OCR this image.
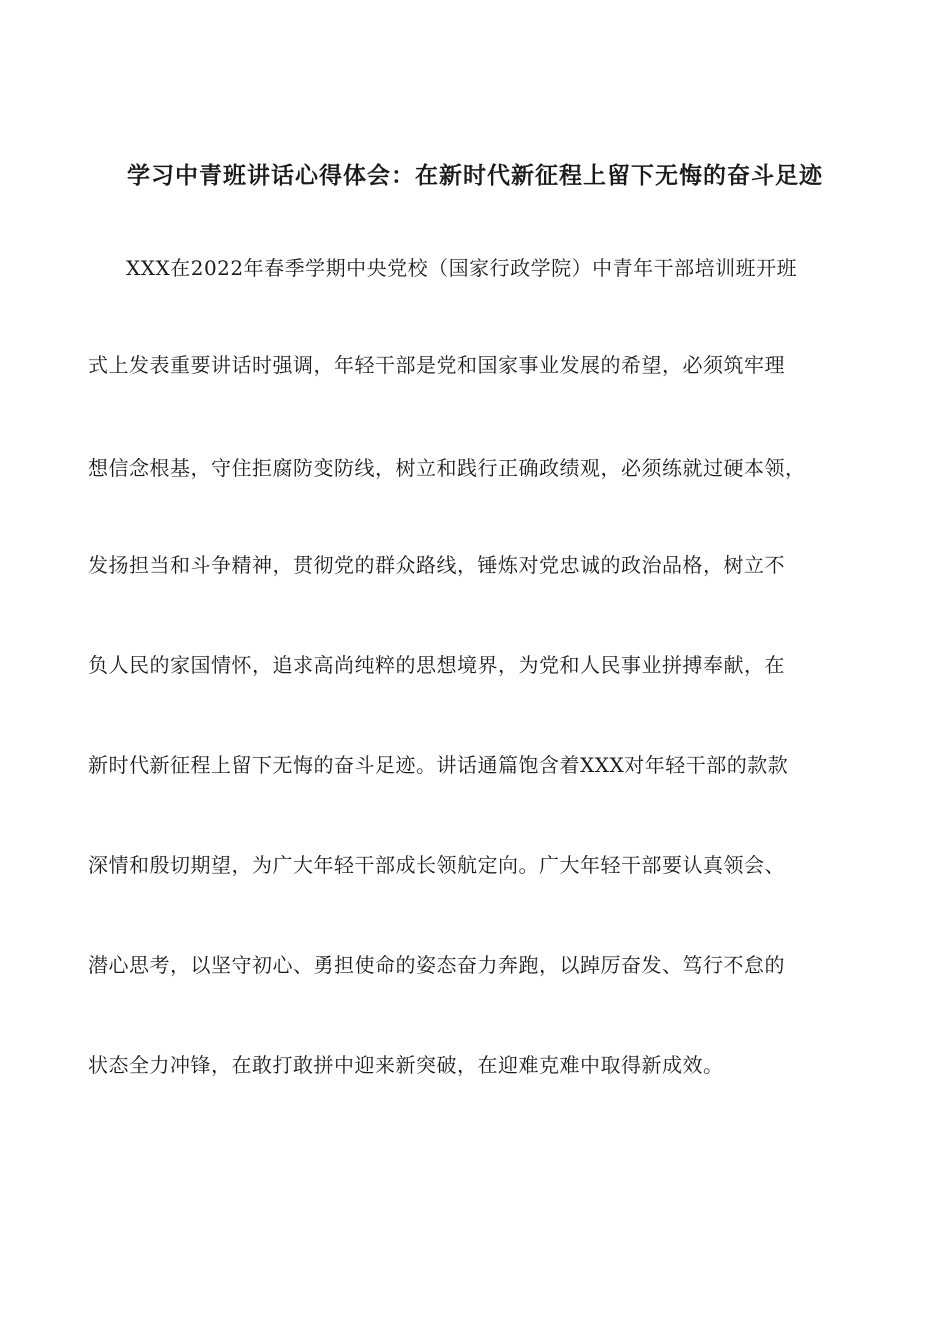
学习中青班讲话心得体会：在新时代新征程上留下无悔的奋斗足迹
XXX在2022年春季学期中央党校（国家行政学院）中青年干部培训班开班
式上发表重要讲话时强调，年轻干部是党和国家事业发展的希望，必须筑牢理
想信念根基，守住拒腐防变防线，树立和践行正确政绩观，必须练就过硬本领，
发扬担当和斗争精神，贯彻党的群众路线，锤炼对党忠诚的政治品格，树立不
负人民的家国情怀，追求高尚纯粹的思想境界，为党和人民事业拼搏奉献，在
新时代新征程上留下无悔的奋斗足迹。讲话通篇饱含着XXX对年轻干部的款款
深情和殷切期望，为广大年轻干部成长领航定向。广大年轻干部要认真领会、
潜心思考，以坚守初心、勇担使命的姿态奋力奔跑，以踔厉奋发、笃行不怠的
状态全力冲锋，在敢打敢拼中迎来新突破，在迎难克难中取得新成效。
